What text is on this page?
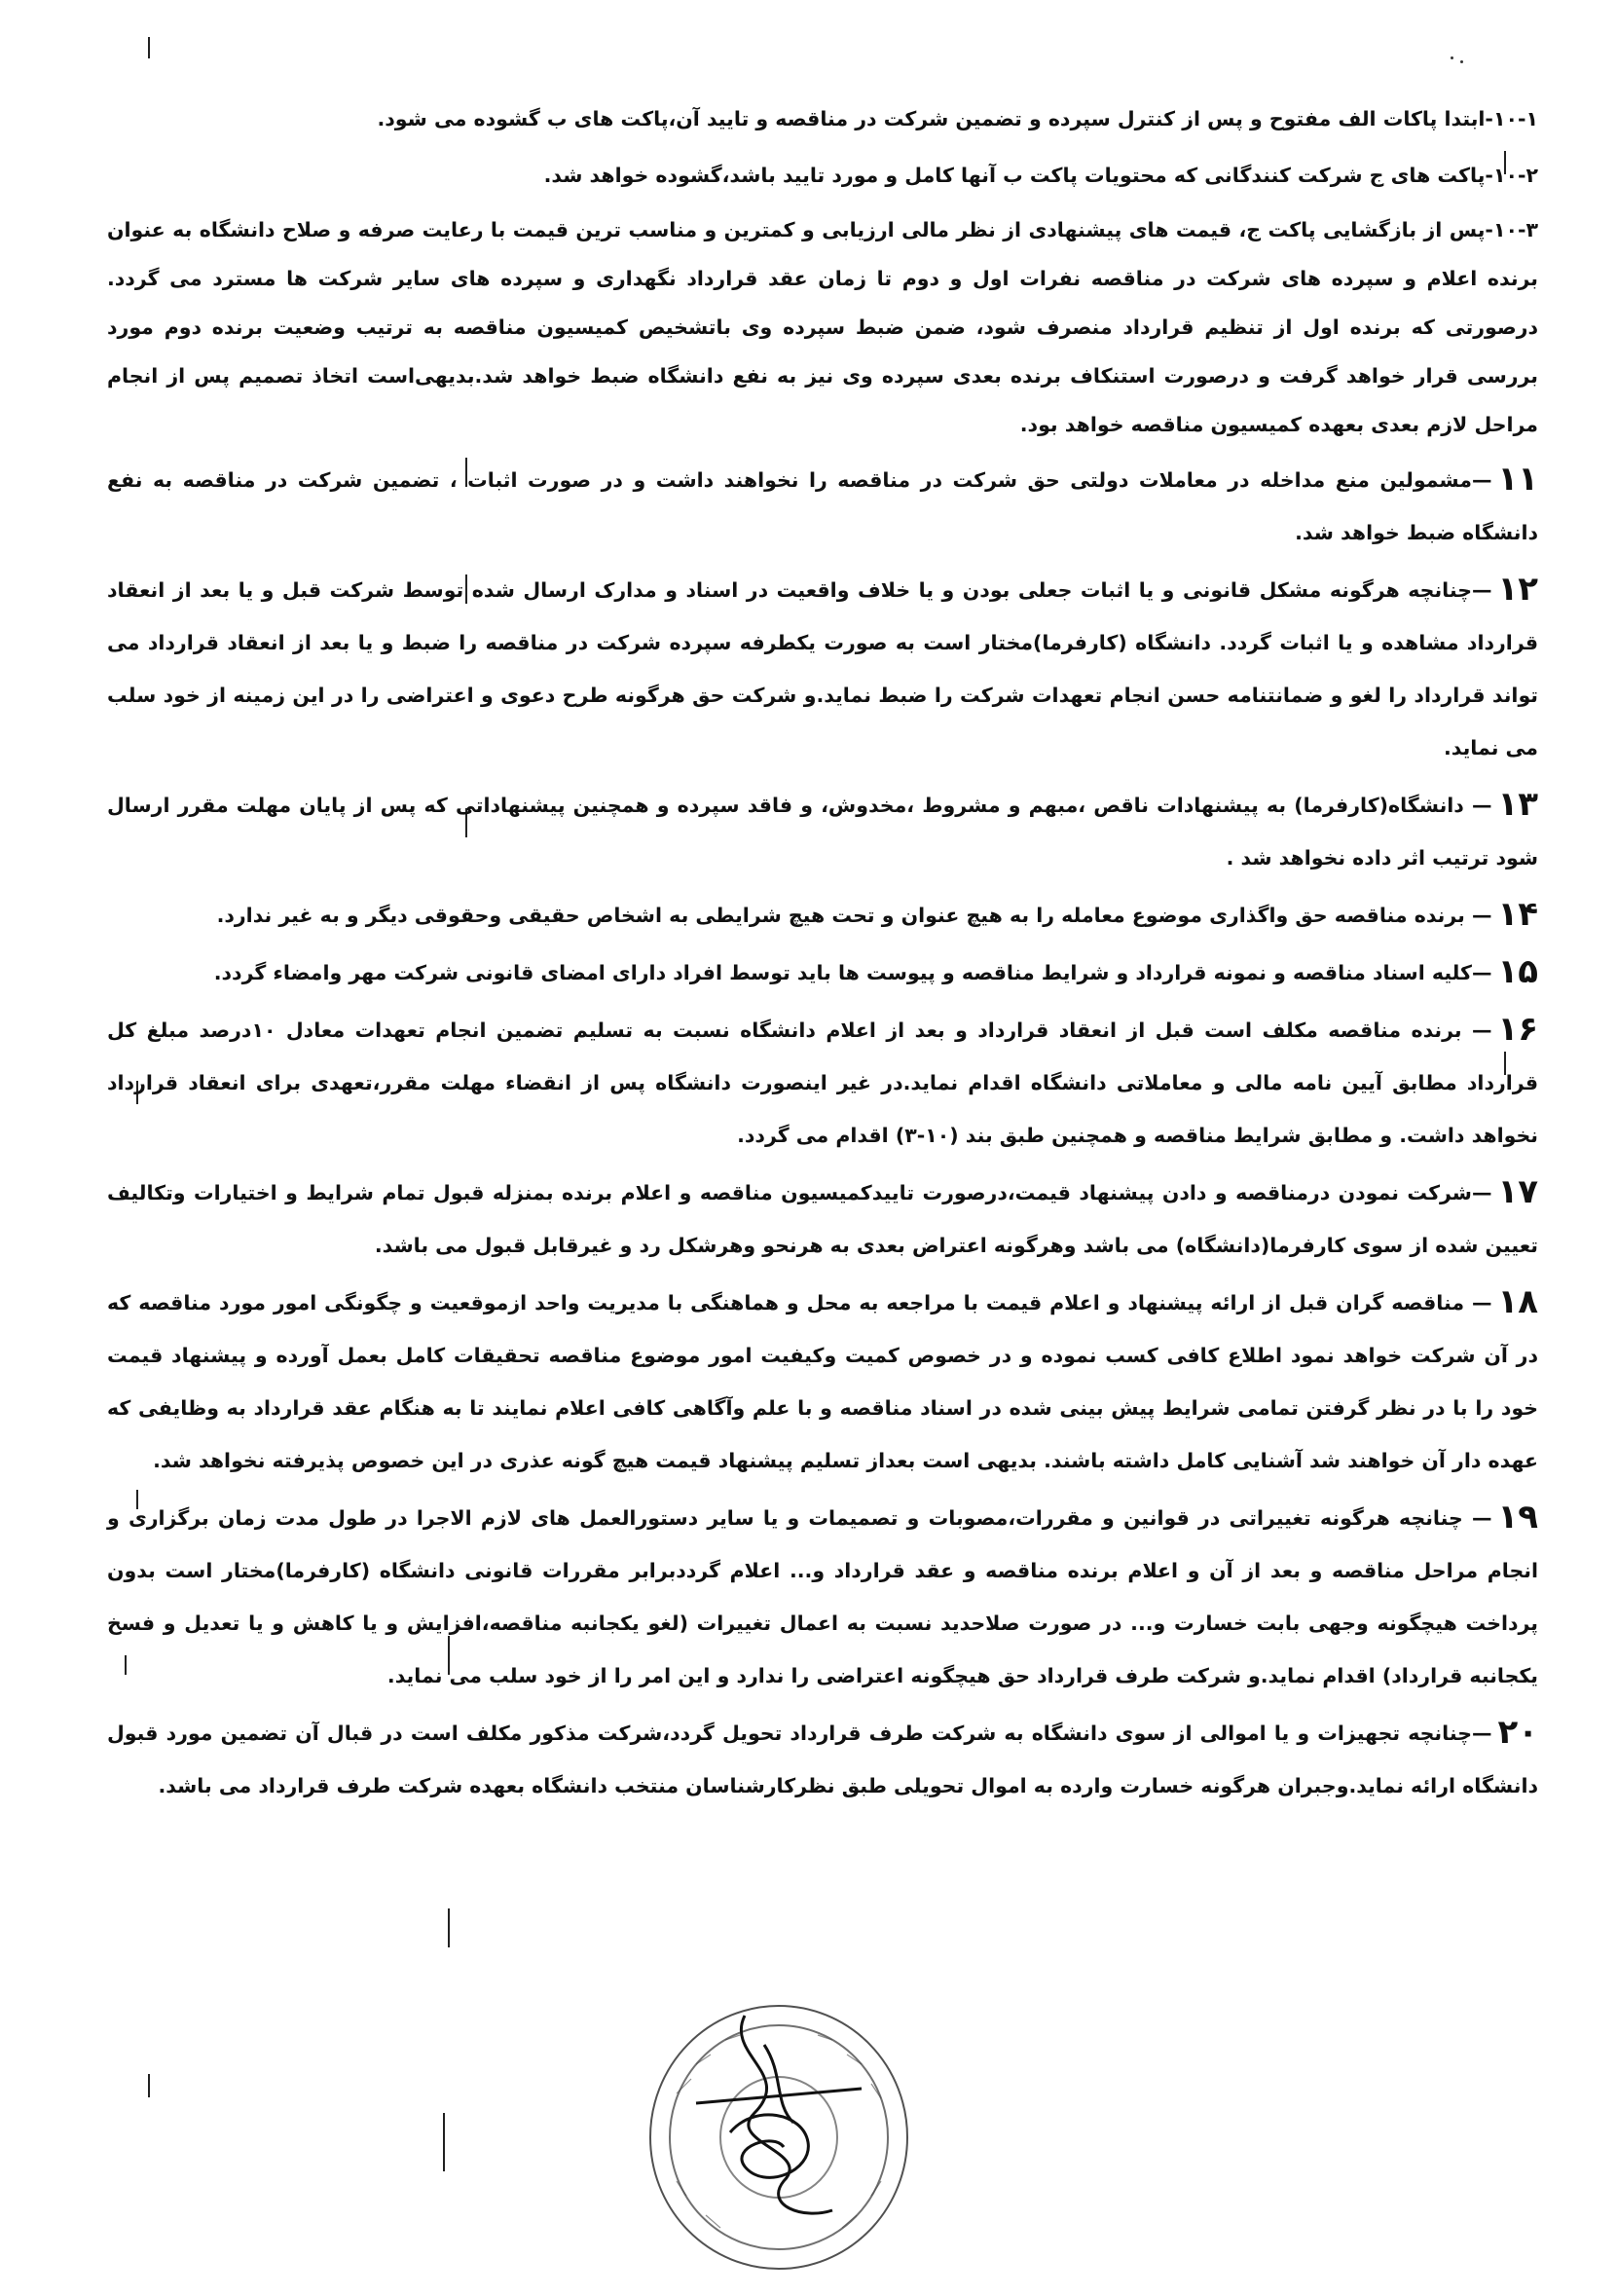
۱۰-۱-ابتدا پاکات الف مفتوح و پس از کنترل سپرده و تضمین شرکت در مناقصه و تایید آن،پاکت های ب گشوده می شود.

۱۰-۲-پاکت های ج شرکت کنندگانی که محتویات پاکت ب آنها کامل و مورد تایید باشد،گشوده خواهد شد.

۱۰-۳-پس از بازگشایی پاکت ج، قیمت های پیشنهادی از نظر مالی ارزیابی و کمترین و مناسب ترین قیمت با رعایت صرفه و صلاح دانشگاه به عنوان برنده اعلام و سپرده های شرکت در مناقصه نفرات اول و دوم تا زمان عقد قرارداد نگهداری و سپرده های سایر شرکت ها مسترد می گردد. درصورتی که برنده اول از تنظیم قرارداد منصرف شود، ضمن ضبط سپرده وی باتشخیص کمیسیون مناقصه به ترتیب وضعیت برنده دوم مورد بررسی قرار خواهد گرفت و درصورت استنکاف برنده بعدی سپرده وی نیز به نفع دانشگاه ضبط خواهد شد.بدیهی‌است اتخاذ تصمیم پس از انجام مراحل لازم بعدی بعهده کمیسیون مناقصه خواهد بود.

۱۱—مشمولین منع مداخله در معاملات دولتی حق شرکت در مناقصه را نخواهند داشت و در صورت اثبات ، تضمین شرکت در مناقصه به نفع دانشگاه ضبط خواهد شد.

۱۲—چنانچه هرگونه مشکل قانونی و یا اثبات جعلی بودن و یا خلاف واقعیت در اسناد و مدارک ارسال شده توسط شرکت قبل و یا بعد از انعقاد قرارداد مشاهده و یا اثبات گردد. دانشگاه (کارفرما)مختار است به صورت یکطرفه سپرده شرکت در مناقصه را ضبط و یا بعد از انعقاد قرارداد می تواند قرارداد را لغو و ضمانتنامه حسن انجام تعهدات شرکت را ضبط نماید.و شرکت حق هرگونه طرح دعوی و اعتراضی را در این زمینه از خود سلب می نماید.

۱۳— دانشگاه(کارفرما) به پیشنهادات ناقص ،مبهم و مشروط ،مخدوش، و فاقد سپرده و همچنین پیشنهاداتی که پس از پایان مهلت مقرر ارسال شود ترتیب اثر داده نخواهد شد .

۱۴— برنده مناقصه حق واگذاری موضوع معامله را به هیچ عنوان و تحت هیچ شرایطی به اشخاص حقیقی وحقوقی دیگر و به غیر ندارد.

۱۵—کلیه اسناد مناقصه و نمونه قرارداد و شرایط مناقصه و پیوست ها باید توسط افراد دارای امضای قانونی شرکت مهر وامضاء گردد.

۱۶— برنده مناقصه مکلف است قبل از انعقاد قرارداد و بعد از اعلام دانشگاه نسبت به تسلیم تضمین انجام تعهدات معادل ۱۰درصد مبلغ کل قرارداد مطابق آیین نامه مالی و معاملاتی دانشگاه اقدام نماید.در غیر اینصورت دانشگاه پس از انقضاء مهلت مقرر،تعهدی برای انعقاد قرارداد نخواهد داشت. و مطابق شرایط مناقصه و همچنین طبق بند (۱۰-۳) اقدام می گردد.

۱۷—شرکت نمودن درمناقصه و دادن پیشنهاد قیمت،درصورت تاییدکمیسیون مناقصه و اعلام برنده بمنزله قبول تمام شرایط و اختیارات وتکالیف تعیین شده از سوی کارفرما(دانشگاه) می باشد وهرگونه اعتراض بعدی به هرنحو وهرشکل رد و غیرقابل قبول می باشد.

۱۸— مناقصه گران قبل از ارائه پیشنهاد و اعلام قیمت با مراجعه به محل و هماهنگی با مدیریت واحد ازموقعیت و چگونگی امور مورد مناقصه که در آن شرکت خواهد نمود اطلاع کافی کسب نموده و در خصوص کمیت وکیفیت امور موضوع مناقصه تحقیقات کامل بعمل آورده و پیشنهاد قیمت خود را با در نظر گرفتن تمامی شرایط پیش بینی شده در اسناد مناقصه و با علم وآگاهی کافی اعلام نمایند تا به هنگام عقد قرارداد به وظایفی که عهده دار آن خواهند شد آشنایی کامل داشته باشند. بدیهی است بعداز تسلیم پیشنهاد قیمت هیچ گونه عذری در این خصوص پذیرفته نخواهد شد.

۱۹— چنانچه هرگونه تغییراتی در قوانین و مقررات،مصوبات و تصمیمات و یا سایر دستورالعمل های لازم الاجرا در طول مدت زمان برگزاری و انجام مراحل مناقصه و بعد از آن و اعلام برنده مناقصه و عقد قرارداد و... اعلام گرددبرابر مقررات قانونی دانشگاه (کارفرما)مختار است بدون پرداخت هیچگونه وجهی بابت خسارت و... در صورت صلاحدید نسبت به اعمال تغییرات (لغو یکجانبه مناقصه،افزایش و یا کاهش و یا تعدیل و فسخ یکجانبه قرارداد) اقدام نماید.و شرکت طرف قرارداد حق هیچگونه اعتراضی را ندارد و این امر را از خود سلب می نماید.

۲۰—چنانچه تجهیزات و یا اموالی از سوی دانشگاه به شرکت طرف قرارداد تحویل گردد،شرکت مذکور مکلف است در قبال آن تضمین مورد قبول دانشگاه ارائه نماید.وجبران هرگونه خسارت وارده به اموال تحویلی طبق نظرکارشناسان منتخب دانشگاه بعهده شرکت طرف قرارداد می باشد.
